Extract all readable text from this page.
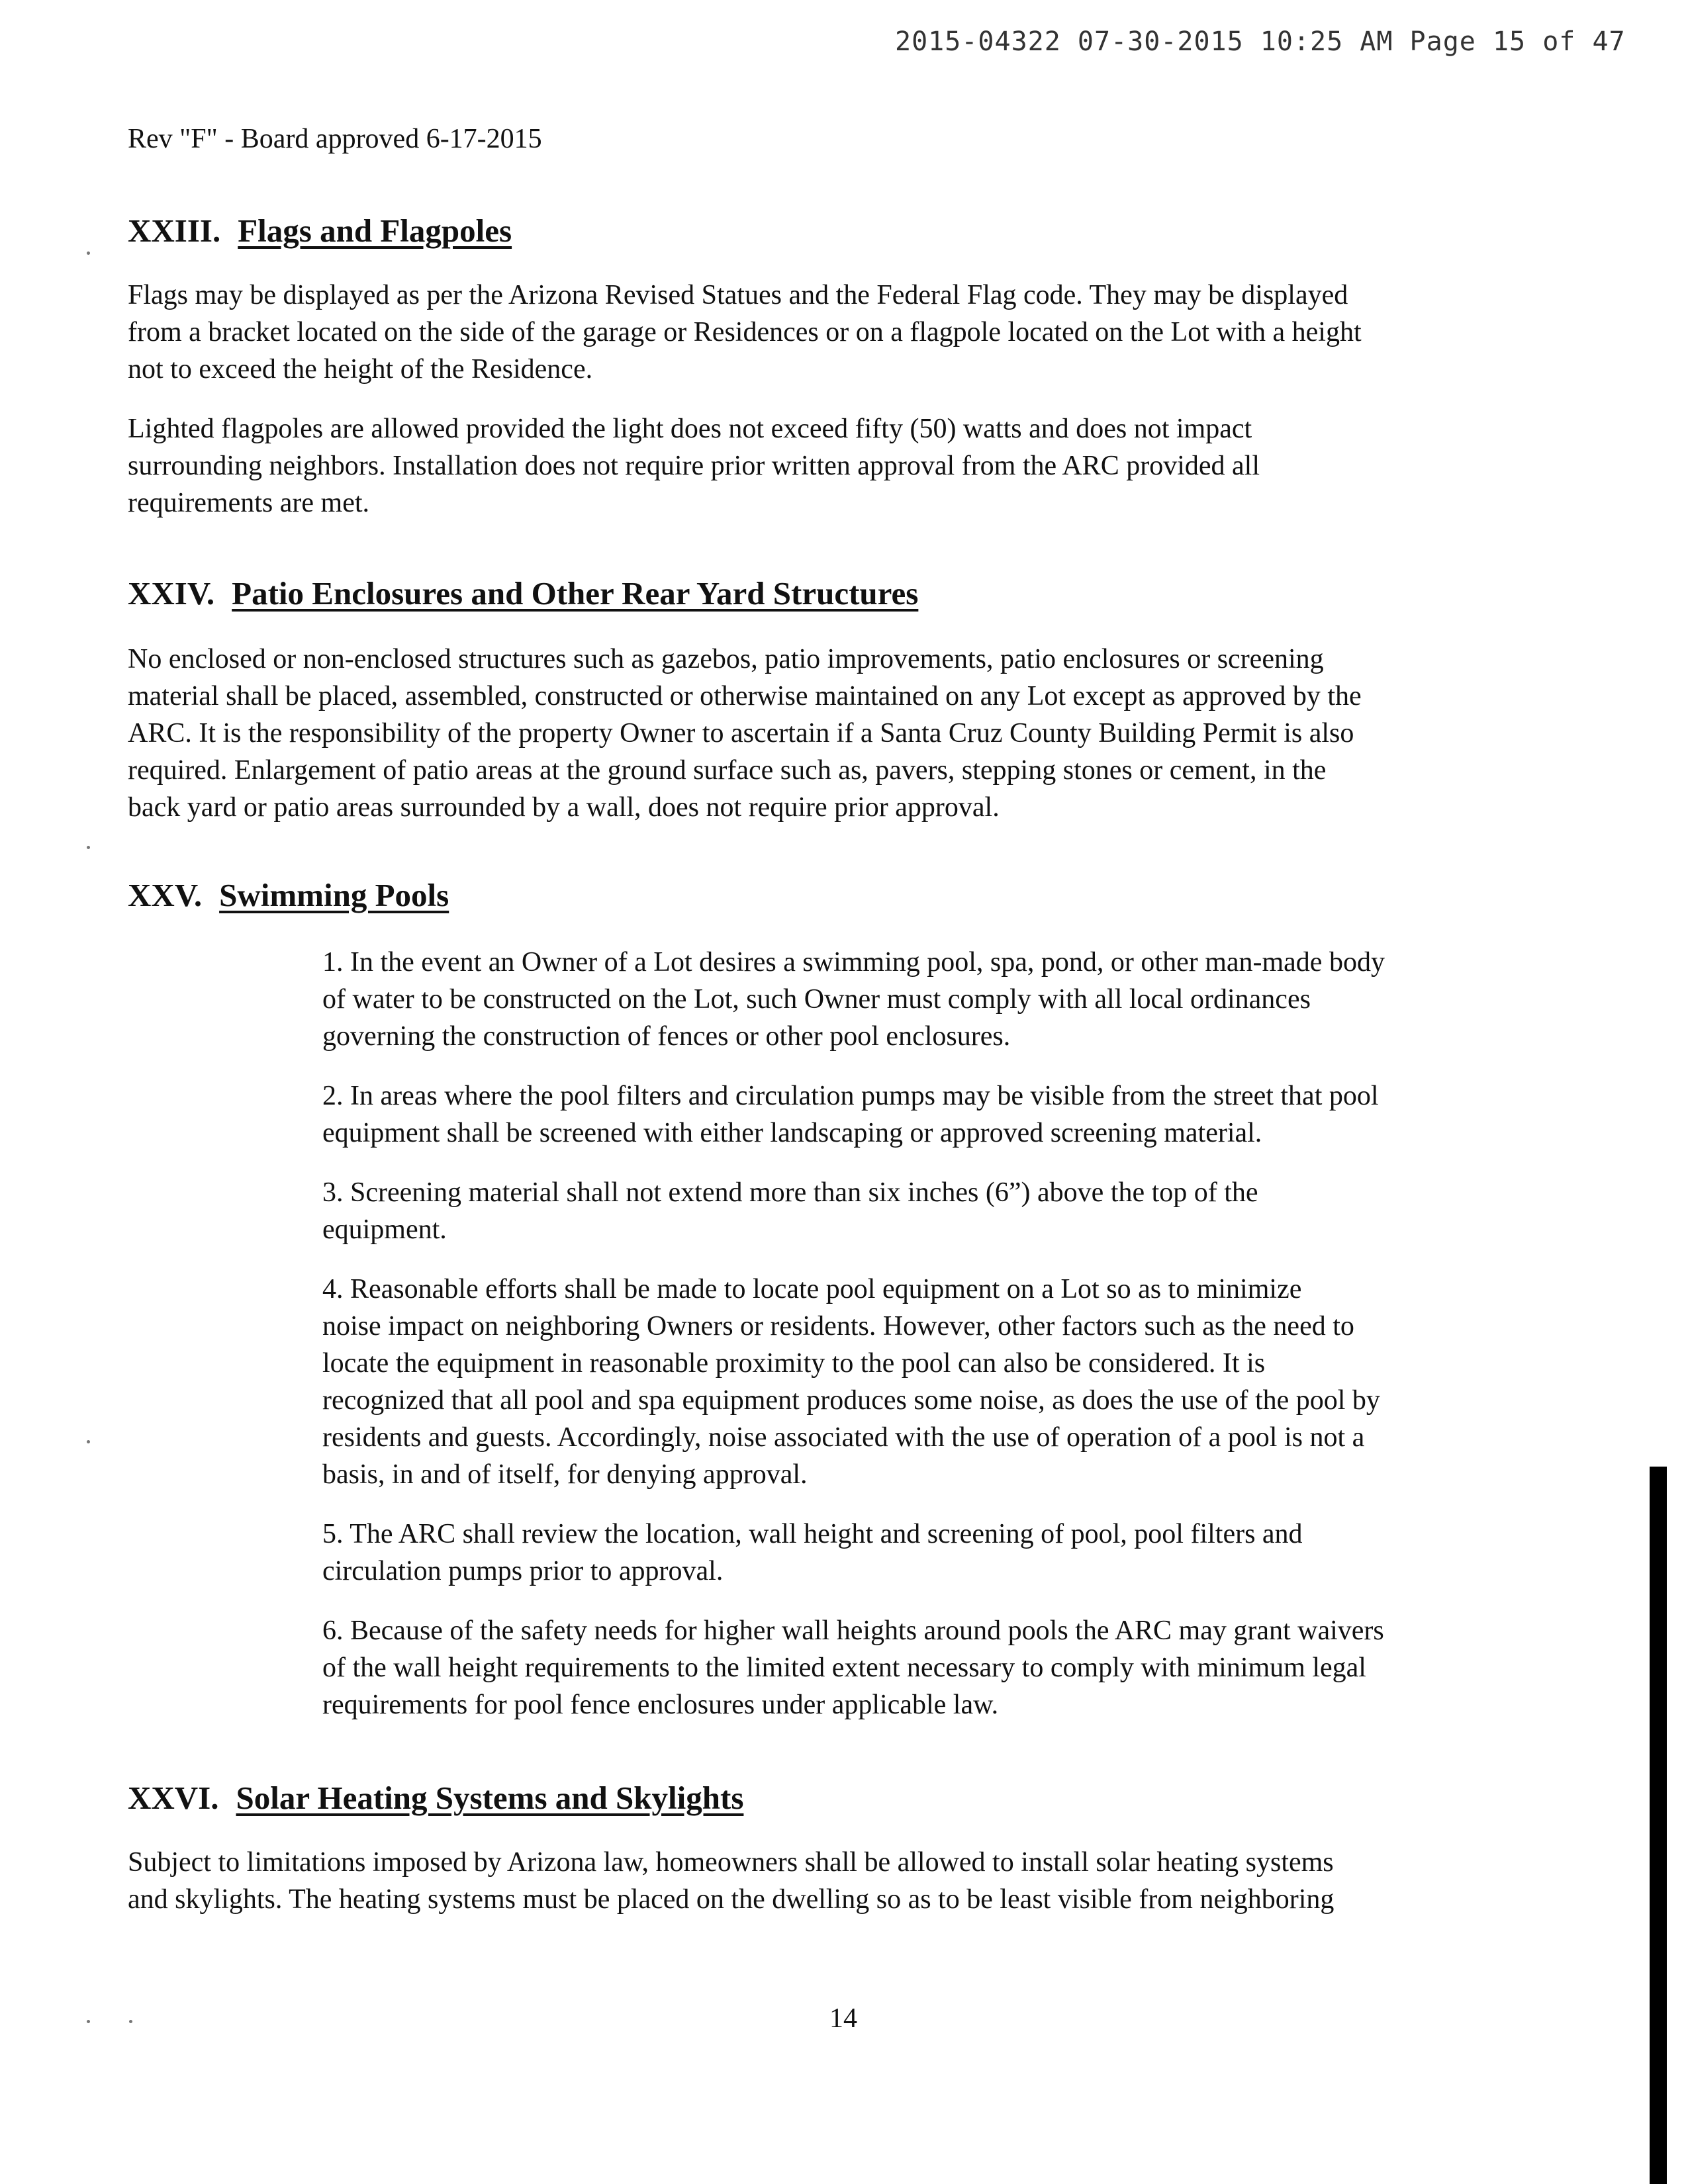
2015-04322 07-30-2015 10:25 AM Page 15 of 47
Rev "F" - Board approved 6-17-2015
XXIII. Flags and Flagpoles

Flags may be displayed as per the Arizona Revised Statues and the Federal Flag code. They may be displayed
from a bracket located on the side of the garage or Residences or on a flagpole located on the Lot with a height
not to exceed the height of the Residence.

Lighted flagpoles are allowed provided the light does not exceed fifty (50) watts and does not impact
surrounding neighbors. Installation does not require prior written approval from the ARC provided all
requirements are met.

XXIV. Patio Enclosures and Other Rear Yard Structures

No enclosed or non-enclosed structures such as gazebos, patio improvements, patio enclosures or screening
material shall be placed, assembled, constructed or otherwise maintained on any Lot except as approved by the
ARC. It is the responsibility of the property Owner to ascertain if a Santa Cruz County Building Permit is also
required. Enlargement of patio areas at the ground surface such as, pavers, stepping stones or cement, in the
back yard or patio areas surrounded by a wall, does not require prior approval.

XXV. Swimming Pools

1. In the event an Owner of a Lot desires a swimming pool, spa, pond, or other man-made body
of water to be constructed on the Lot, such Owner must comply with all local ordinances
governing the construction of fences or other pool enclosures.

2. In areas where the pool filters and circulation pumps may be visible from the street that pool
equipment shall be screened with either landscaping or approved screening material.

3. Screening material shall not extend more than six inches (6”) above the top of the
equipment.

4. Reasonable efforts shall be made to locate pool equipment on a Lot so as to minimize
noise impact on neighboring Owners or residents. However, other factors such as the need to
locate the equipment in reasonable proximity to the pool can also be considered. It is
recognized that all pool and spa equipment produces some noise, as does the use of the pool by
residents and guests. Accordingly, noise associated with the use of operation of a pool is not a
basis, in and of itself, for denying approval.

5. The ARC shall review the location, wall height and screening of pool, pool filters and
circulation pumps prior to approval.

6. Because of the safety needs for higher wall heights around pools the ARC may grant waivers
of the wall height requirements to the limited extent necessary to comply with minimum legal
requirements for pool fence enclosures under applicable law.

XXVI. Solar Heating Systems and Skylights

Subject to limitations imposed by Arizona law, homeowners shall be allowed to install solar heating systems
and skylights. The heating systems must be placed on the dwelling so as to be least visible from neighboring

14
